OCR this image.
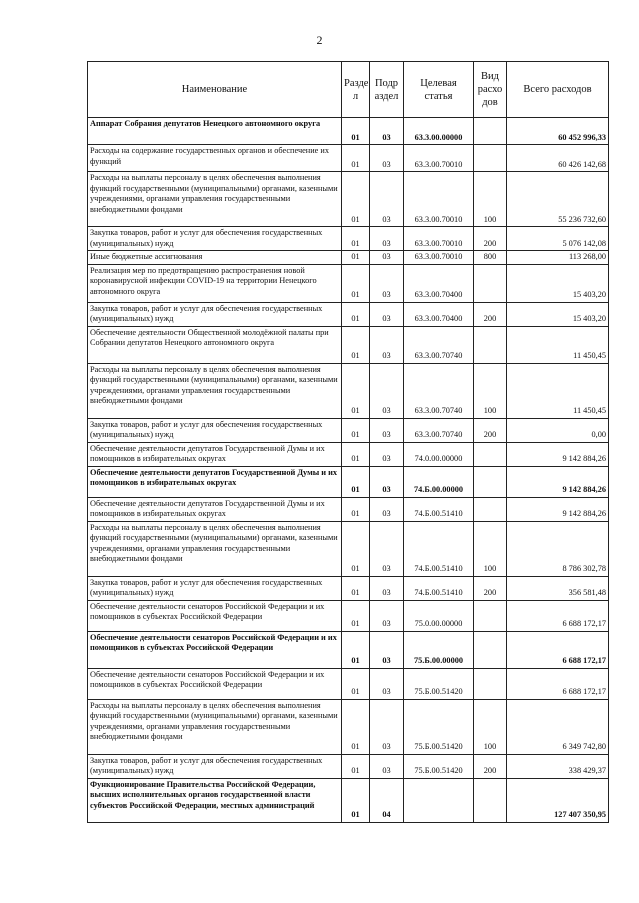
2
Наименование	Разде л	Подр аздел	Целевая статья	Вид расхо дов	Всего расходов
Аппарат Собрания депутатов Ненецкого автономного округа	01	03	63.3.00.00000		60 452 996,33
Расходы на содержание государственных органов и обеспечение их функций	01	03	63.3.00.70010		60 426 142,68
Расходы на выплаты персоналу в целях обеспечения выполнения функций государственными (муниципальными) органами, казенными учреждениями, органами управления государственными внебюджетными фондами	01	03	63.3.00.70010	100	55 236 732,60
Закупка товаров, работ и услуг для обеспечения государственных (муниципальных) нужд	01	03	63.3.00.70010	200	5 076 142,08
Иные бюджетные ассигнования	01	03	63.3.00.70010	800	113 268,00
Реализация мер по предотвращению распространения новой коронавирусной инфекции COVID-19 на территории Ненецкого автономного округа	01	03	63.3.00.70400		15 403,20
Закупка товаров, работ и услуг для обеспечения государственных (муниципальных) нужд	01	03	63.3.00.70400	200	15 403,20
Обеспечение деятельности Общественной молодёжной палаты при Собрании депутатов Ненецкого автономного округа	01	03	63.3.00.70740		11 450,45
Расходы на выплаты персоналу в целях обеспечения выполнения функций государственными (муниципальными) органами, казенными учреждениями, органами управления государственными внебюджетными фондами	01	03	63.3.00.70740	100	11 450,45
Закупка товаров, работ и услуг для обеспечения государственных (муниципальных) нужд	01	03	63.3.00.70740	200	0,00
Обеспечение деятельности депутатов Государственной Думы и их помощников в избирательных округах	01	03	74.0.00.00000		9 142 884,26
Обеспечение деятельности депутатов Государственной Думы и их помощников в избирательных округах	01	03	74.Б.00.00000		9 142 884,26
Обеспечение деятельности депутатов Государственной Думы и их помощников в избирательных округах	01	03	74.Б.00.51410		9 142 884,26
Расходы на выплаты персоналу в целях обеспечения выполнения функций государственными (муниципальными) органами, казенными учреждениями, органами управления государственными внебюджетными фондами	01	03	74.Б.00.51410	100	8 786 302,78
Закупка товаров, работ и услуг для обеспечения государственных (муниципальных) нужд	01	03	74.Б.00.51410	200	356 581,48
Обеспечение деятельности сенаторов Российской Федерации и их помощников в субъектах Российской Федерации	01	03	75.0.00.00000		6 688 172,17
Обеспечение деятельности сенаторов Российской Федерации и их помощников в субъектах Российской Федерации	01	03	75.Б.00.00000		6 688 172,17
Обеспечение деятельности сенаторов Российской Федерации и их помощников в субъектах Российской Федерации	01	03	75.Б.00.51420		6 688 172,17
Расходы на выплаты персоналу в целях обеспечения выполнения функций государственными (муниципальными) органами, казенными учреждениями, органами управления государственными внебюджетными фондами	01	03	75.Б.00.51420	100	6 349 742,80
Закупка товаров, работ и услуг для обеспечения государственных (муниципальных) нужд	01	03	75.Б.00.51420	200	338 429,37
Функционирование Правительства Российской Федерации, высших исполнительных органов государственной власти субъектов Российской Федерации, местных администраций	01	04			127 407 350,95
